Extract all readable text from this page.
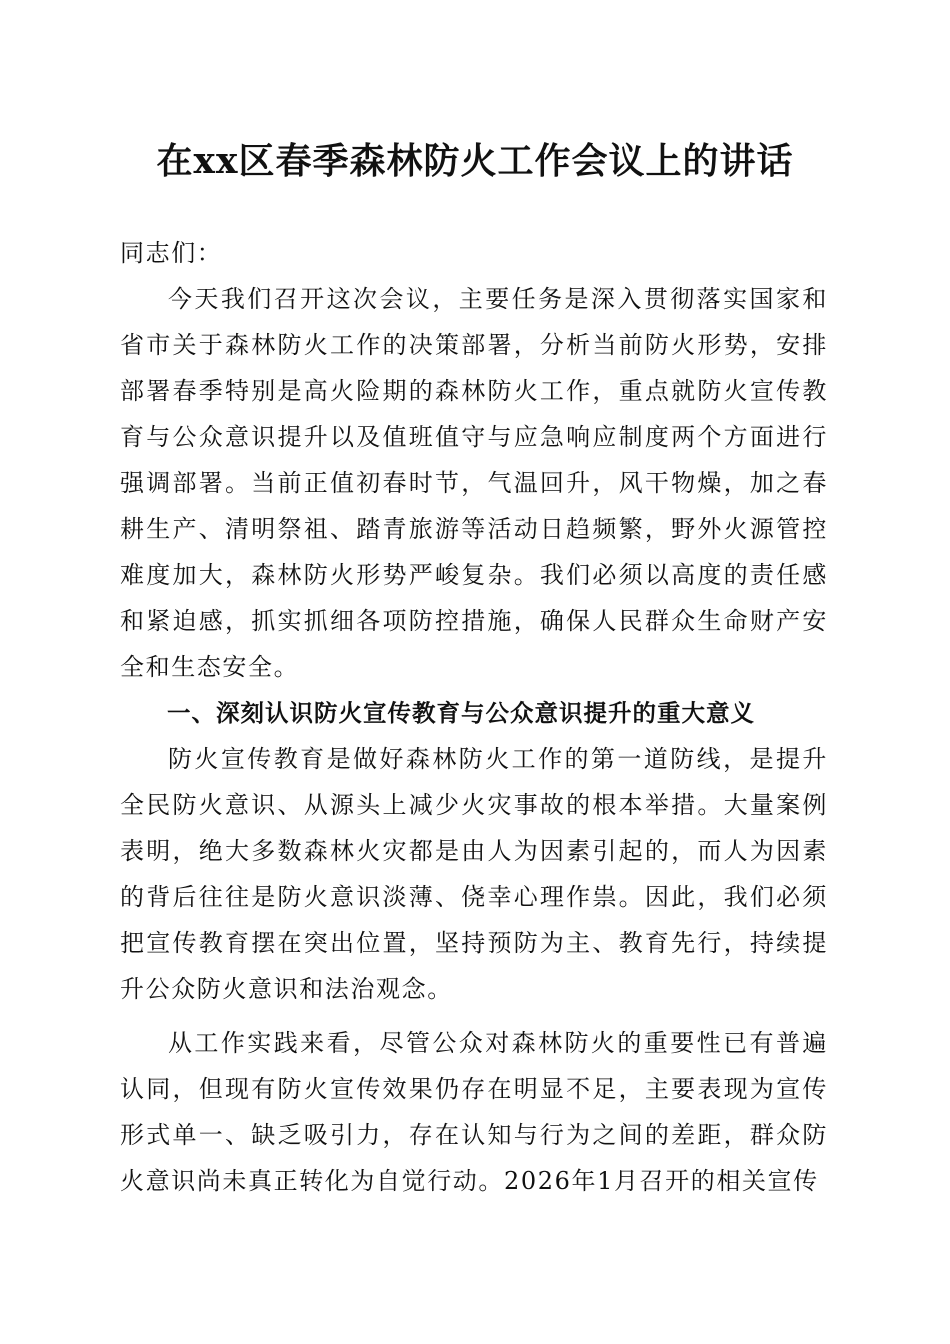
在xx区春季森林防火工作会议上的讲话

同志们：

今天我们召开这次会议，主要任务是深入贯彻落实国家和省市关于森林防火工作的决策部署，分析当前防火形势，安排部署春季特别是高火险期的森林防火工作，重点就防火宣传教育与公众意识提升以及值班值守与应急响应制度两个方面进行强调部署。当前正值初春时节，气温回升，风干物燥，加之春耕生产、清明祭祖、踏青旅游等活动日趋频繁，野外火源管控难度加大，森林防火形势严峻复杂。我们必须以高度的责任感和紧迫感，抓实抓细各项防控措施，确保人民群众生命财产安全和生态安全。

一、深刻认识防火宣传教育与公众意识提升的重大意义

防火宣传教育是做好森林防火工作的第一道防线，是提升全民防火意识、从源头上减少火灾事故的根本举措。大量案例表明，绝大多数森林火灾都是由人为因素引起的，而人为因素的背后往往是防火意识淡薄、侥幸心理作祟。因此，我们必须把宣传教育摆在突出位置，坚持预防为主、教育先行，持续提升公众防火意识和法治观念。

从工作实践来看，尽管公众对森林防火的重要性已有普遍认同，但现有防火宣传效果仍存在明显不足，主要表现为宣传形式单一、缺乏吸引力，存在认知与行为之间的差距，群众防火意识尚未真正转化为自觉行动。2026年1月召开的相关宣传
